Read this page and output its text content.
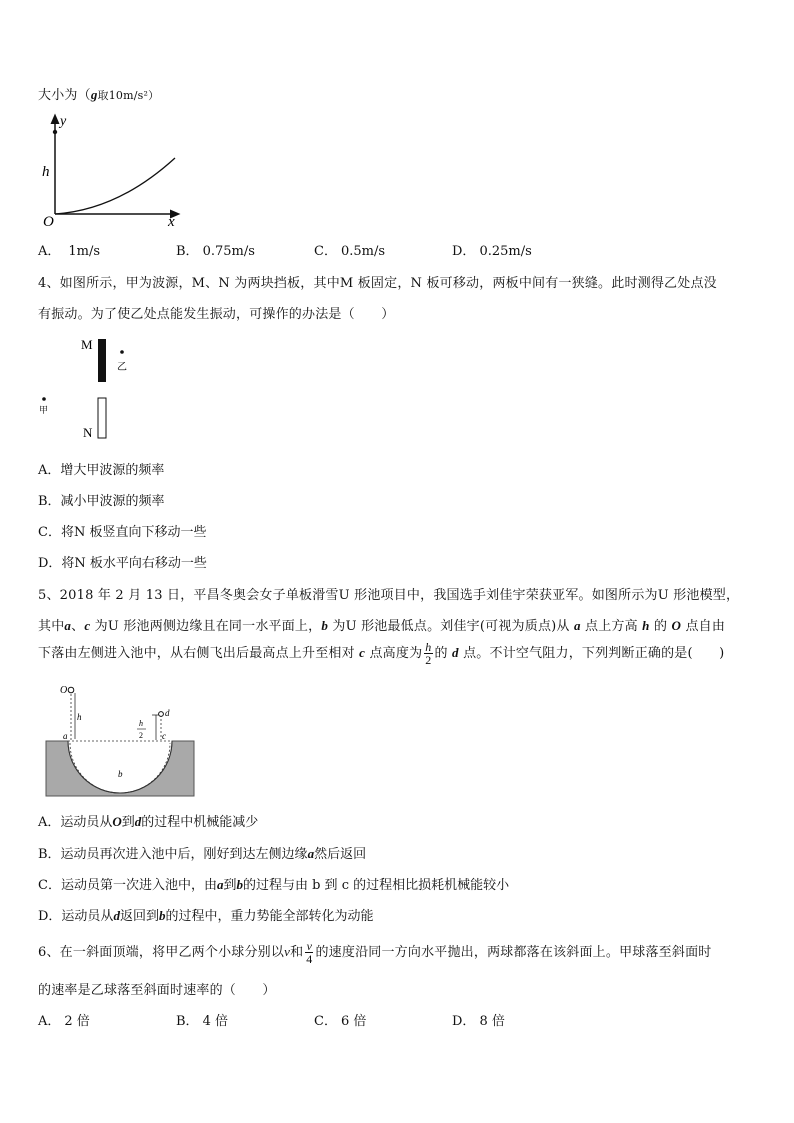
大小为（g取10m/s²）
y
h
O	x
A． 1m/s	B． 0.75m/s	C． 0.5m/s	D． 0.25m/s
4、如图所示，甲为波源，M、N 为两块挡板，其中M 板固定，N 板可移动，两板中间有一狭缝。此时测得乙处点没
有振动。为了使乙处点能发生振动，可操作的办法是（　　）
M
N
乙
甲
A．增大甲波源的频率
B．减小甲波源的频率
C．将N 板竖直向下移动一些
D．将N 板水平向右移动一些
5、2018 年 2 月 13 日，平昌冬奥会女子单板滑雪U 形池项目中，我国选手刘佳宇荣获亚军。如图所示为U 形池模型，
其中a、c 为U 形池两侧边缘且在同一水平面上，b 为U 形池最低点。刘佳宇(可视为质点)从 a 点上方高 h 的 O 点自由
下落由左侧进入池中，从右侧飞出后最高点上升至相对 c 点高度为 $\frac{h}{2}$ 的 d 点。不计空气阻力，下列判断正确的是(　　)
O
h
a
b
c
d
h
2
A．运动员从O到d的过程中机械能减少
B．运动员再次进入池中后，刚好到达左侧边缘a然后返回
C．运动员第一次进入池中，由a到b的过程与由 b 到 c 的过程相比损耗机械能较小
D．运动员从d返回到b的过程中，重力势能全部转化为动能
6、在一斜面顶端，将甲乙两个小球分别以v和 $\frac{v}{4}$ 的速度沿同一方向水平抛出，两球都落在该斜面上。甲球落至斜面时
的速率是乙球落至斜面时速率的（　　）
A． 2 倍	B． 4 倍	C． 6 倍	D． 8 倍
